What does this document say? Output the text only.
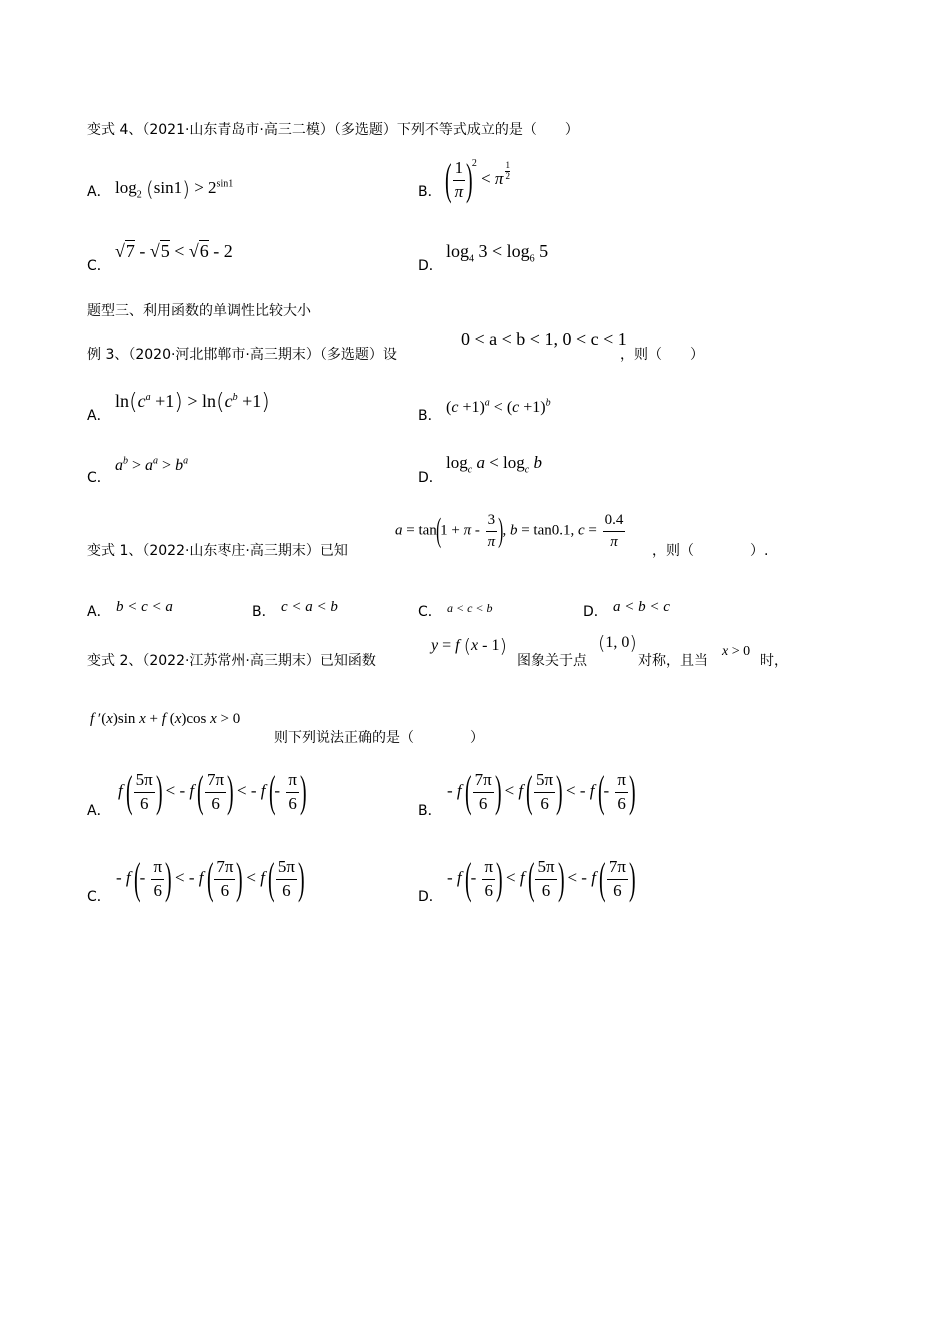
变式 4、（2021·山东青岛市·高三二模）（多选题）下列不等式成立的是（　　）
A． $\log_2 (\sin 1) > 2^{sin1}$
B． ( $\frac{1}{\pi} )^2 < \pi$ $^{\frac{1}{2}}$
C．
√7 - √5 < √6 - 2
D．
$\log_4 3 < \log_6 5$
题型三、利用函数的单调性比较大小
例 3、（2020·河北邯郸市·高三期末）（多选题）设
0 < a < b < 1, 0 < c < 1
，则（　　）
A．
$\ln(c^a +1) > \ln(c^b +1)$
B． $(c +1)^a < (c +1)^b$
C．
$a^b > a^a > b^a$
D．
$\log_c a < \log_c b$
变式 1、（2022·山东枣庄·高三期末）已知
$a = \tan(1 + \pi - \frac{3}{\pi}$ ), b = tan0.1, $c = \frac{0.4}{\pi}$
，则（　　　　）.
A． b < c < a	B． c < a < b	C． a < c < b	D． a < b < c
变式 2、（2022·江苏常州·高三期末）已知函数
y = f (x - 1)
图象关于点
(1, 0)
对称，且当
x > 0
时，
f ′(x)sin x + f (x)cos x > 0
则下列说法正确的是（　　　　）
A．
f ( $\frac{5\pi}{6}$ ) < - f ( $\frac{7\pi}{6}$ ) < - f (- $\frac{\pi}{6}$ )	B．
- f ( $\frac{7\pi}{6}$ ) < f ( $\frac{5\pi}{6}$ ) < - f (- $\frac{\pi}{6}$ )
C．
- f (- $\frac{\pi}{6}$ ) < - f ( $\frac{7\pi}{6}$ ) < f ( $\frac{5\pi}{6}$ )	D．
- f (- $\frac{\pi}{6}$ ) < f ( $\frac{5\pi}{6}$ ) < - f ( $\frac{7\pi}{6}$ )
